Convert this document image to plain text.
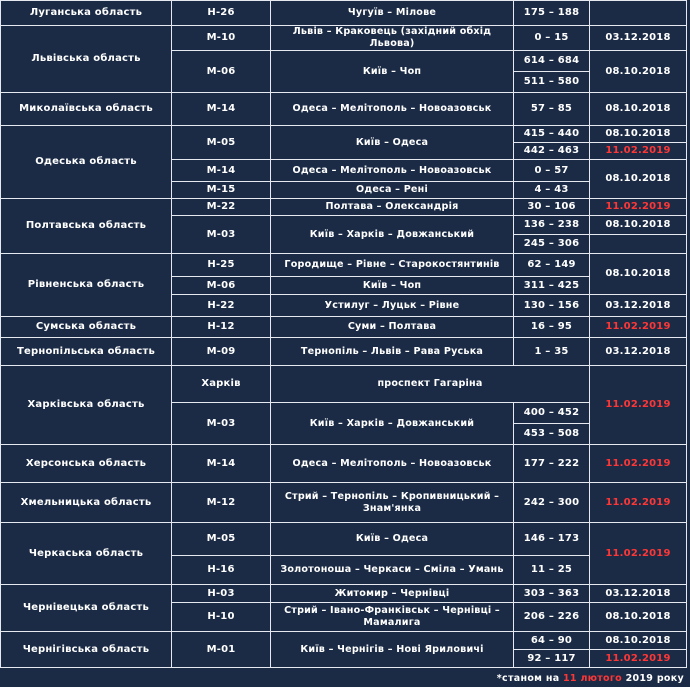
Луганська область	Н-26	Чугуїв – Мілове	175 – 188	
Львівська область	М-10	Львів – Краковець (західний обхід Львова)	0 – 15	03.12.2018
	М-06	Київ – Чоп	614 – 684	08.10.2018
			511 – 580	
Миколаївська область	М-14	Одеса – Мелітополь – Новоазовськ	57 – 85	08.10.2018
Одеська область	М-05	Київ – Одеса	415 – 440	08.10.2018
			442 – 463	11.02.2019
	М-14	Одеса – Мелітополь – Новоазовськ	0 – 57	08.10.2018
	М-15	Одеса – Рені	4 – 43	
Полтавська область	М-22	Полтава – Олександрія	30 – 106	11.02.2019
	М-03	Київ – Харків – Довжанський	136 – 238	08.10.2018
			245 – 306	
Рівненська область	Н-25	Городище – Рівне – Старокостянтинів	62 – 149	08.10.2018
	М-06	Київ – Чоп	311 – 425	
	Н-22	Устилуг – Луцьк – Рівне	130 – 156	03.12.2018
Сумська область	Н-12	Суми – Полтава	16 – 95	11.02.2019
Тернопільська область	М-09	Тернопіль – Львів – Рава Руська	1 – 35	03.12.2018
Харківська область	Харків	проспект Гагаріна		11.02.2019
	М-03	Київ – Харків – Довжанський	400 – 452	
			453 – 508	
Херсонська область	М-14	Одеса – Мелітополь – Новоазовськ	177 – 222	11.02.2019
Хмельницька область	М-12	Стрий – Тернопіль – Кропивницький – Знам'янка	242 – 300	11.02.2019
Черкаська область	М-05	Київ – Одеса	146 – 173	11.02.2019
	Н-16	Золотоноша – Черкаси – Сміла – Умань	11 – 25	
Чернівецька область	Н-03	Житомир – Чернівці	303 – 363	03.12.2018
	Н-10	Стрий – Івано-Франківськ – Чернівці – Мамалига	206 – 226	08.10.2018
Чернігівська область	М-01	Київ – Чернігів – Нові Яриловичі	64 – 90	08.10.2018
			92 – 117	11.02.2019
*станом на 11 лютого 2019 року
